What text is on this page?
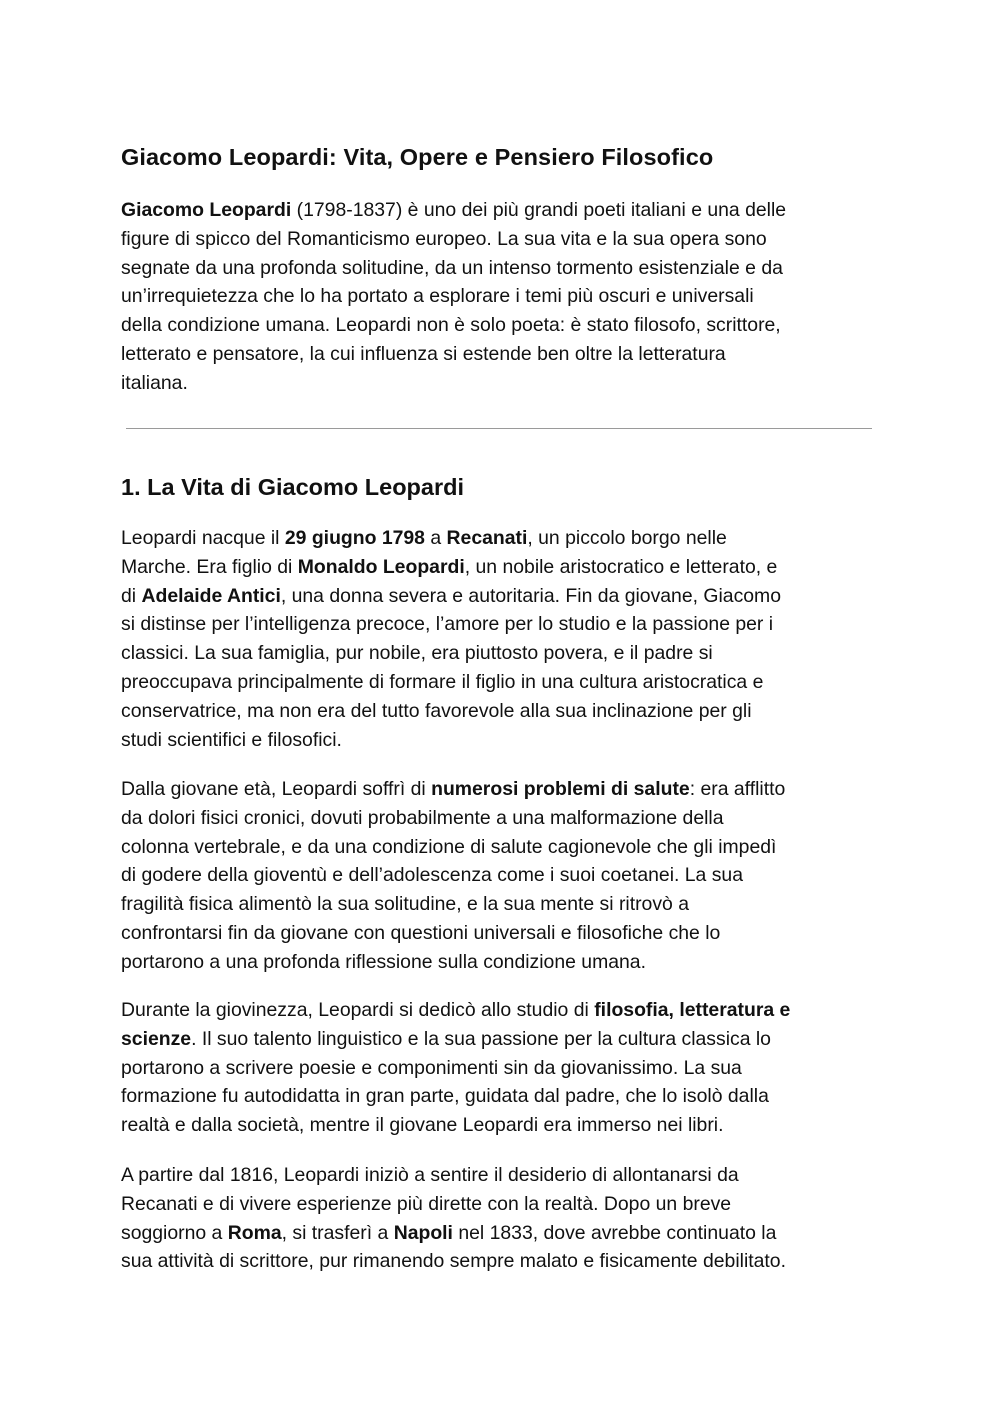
Giacomo Leopardi: Vita, Opere e Pensiero Filosofico

Giacomo Leopardi (1798-1837) è uno dei più grandi poeti italiani e una delle
figure di spicco del Romanticismo europeo. La sua vita e la sua opera sono
segnate da una profonda solitudine, da un intenso tormento esistenziale e da
un’irrequietezza che lo ha portato a esplorare i temi più oscuri e universali
della condizione umana. Leopardi non è solo poeta: è stato filosofo, scrittore,
letterato e pensatore, la cui influenza si estende ben oltre la letteratura
italiana.

1. La Vita di Giacomo Leopardi

Leopardi nacque il 29 giugno 1798 a Recanati, un piccolo borgo nelle
Marche. Era figlio di Monaldo Leopardi, un nobile aristocratico e letterato, e
di Adelaide Antici, una donna severa e autoritaria. Fin da giovane, Giacomo
si distinse per l’intelligenza precoce, l’amore per lo studio e la passione per i
classici. La sua famiglia, pur nobile, era piuttosto povera, e il padre si
preoccupava principalmente di formare il figlio in una cultura aristocratica e
conservatrice, ma non era del tutto favorevole alla sua inclinazione per gli
studi scientifici e filosofici.

Dalla giovane età, Leopardi soffrì di numerosi problemi di salute: era afflitto
da dolori fisici cronici, dovuti probabilmente a una malformazione della
colonna vertebrale, e da una condizione di salute cagionevole che gli impedì
di godere della gioventù e dell’adolescenza come i suoi coetanei. La sua
fragilità fisica alimentò la sua solitudine, e la sua mente si ritrovò a
confrontarsi fin da giovane con questioni universali e filosofiche che lo
portarono a una profonda riflessione sulla condizione umana.

Durante la giovinezza, Leopardi si dedicò allo studio di filosofia, letteratura e
scienze. Il suo talento linguistico e la sua passione per la cultura classica lo
portarono a scrivere poesie e componimenti sin da giovanissimo. La sua
formazione fu autodidatta in gran parte, guidata dal padre, che lo isolò dalla
realtà e dalla società, mentre il giovane Leopardi era immerso nei libri.

A partire dal 1816, Leopardi iniziò a sentire il desiderio di allontanarsi da
Recanati e di vivere esperienze più dirette con la realtà. Dopo un breve
soggiorno a Roma, si trasferì a Napoli nel 1833, dove avrebbe continuato la
sua attività di scrittore, pur rimanendo sempre malato e fisicamente debilitato.
